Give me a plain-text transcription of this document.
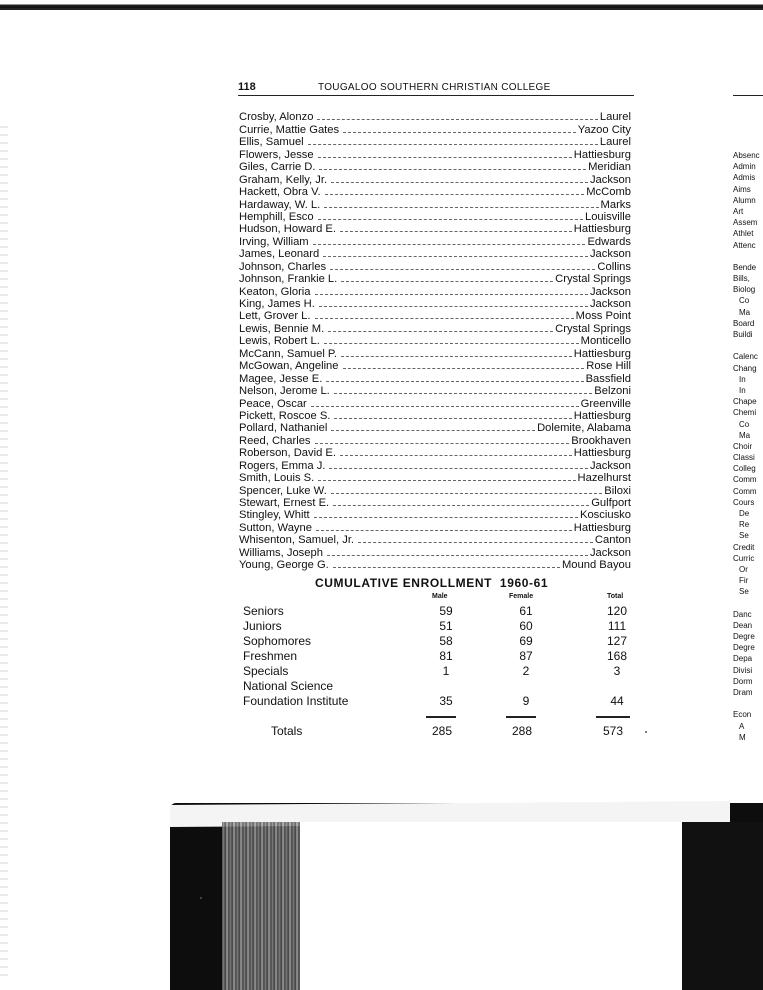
118	TOUGALOO SOUTHERN CHRISTIAN COLLEGE
Crosby, Alonzo	Laurel
Currie, Mattie Gates	Yazoo City
Ellis, Samuel	Laurel
Flowers, Jesse	Hattiesburg
Giles, Carrie D.	Meridian
Graham, Kelly, Jr.	Jackson
Hackett, Obra V.	McComb
Hardaway, W. L.	Marks
Hemphill, Esco	Louisville
Hudson, Howard E.	Hattiesburg
Irving, William	Edwards
James, Leonard	Jackson
Johnson, Charles	Collins
Johnson, Frankie L.	Crystal Springs
Keaton, Gloria	Jackson
King, James H.	Jackson
Lett, Grover L.	Moss Point
Lewis, Bennie M.	Crystal Springs
Lewis, Robert L.	Monticello
McCann, Samuel P.	Hattiesburg
McGowan, Angeline	Rose Hill
Magee, Jesse E.	Bassfield
Nelson, Jerome L.	Belzoni
Peace, Oscar	Greenville
Pickett, Roscoe S.	Hattiesburg
Pollard, Nathaniel	Dolemite, Alabama
Reed, Charles	Brookhaven
Roberson, David E.	Hattiesburg
Rogers, Emma J.	Jackson
Smith, Louis S.	Hazelhurst
Spencer, Luke W.	Biloxi
Stewart, Ernest E.	Gulfport
Stingley, Whitt	Kosciusko
Sutton, Wayne	Hattiesburg
Whisenton, Samuel, Jr.	Canton
Williams, Joseph	Jackson
Young, George G.	Mound Bayou
CUMULATIVE ENROLLMENT 1960-61
Male	Female	Total
Seniors	59	61	120
Juniors	51	60	111
Sophomores	58	69	127
Freshmen	81	87	168
Specials	1	2	3
National Science
Foundation Institute	35	9	44
Totals	285	288	573
Absenc
Admin
Admis
Aims
Alumn
Art
Assem
Athlet
Attenc
Bende
Bills,
Biolog
Co
Ma
Board
Buildi
Calenc
Chang
In
In
Chape
Chemi
Co
Ma
Choir
Classi
Colleg
Comm
Comm
Cours
De
Re
Se
Credit
Curric
Or
Fir
Se
Danc
Dean
Degre
Degre
Depa
Divisi
Dorm
Dram
Econ
A
M
